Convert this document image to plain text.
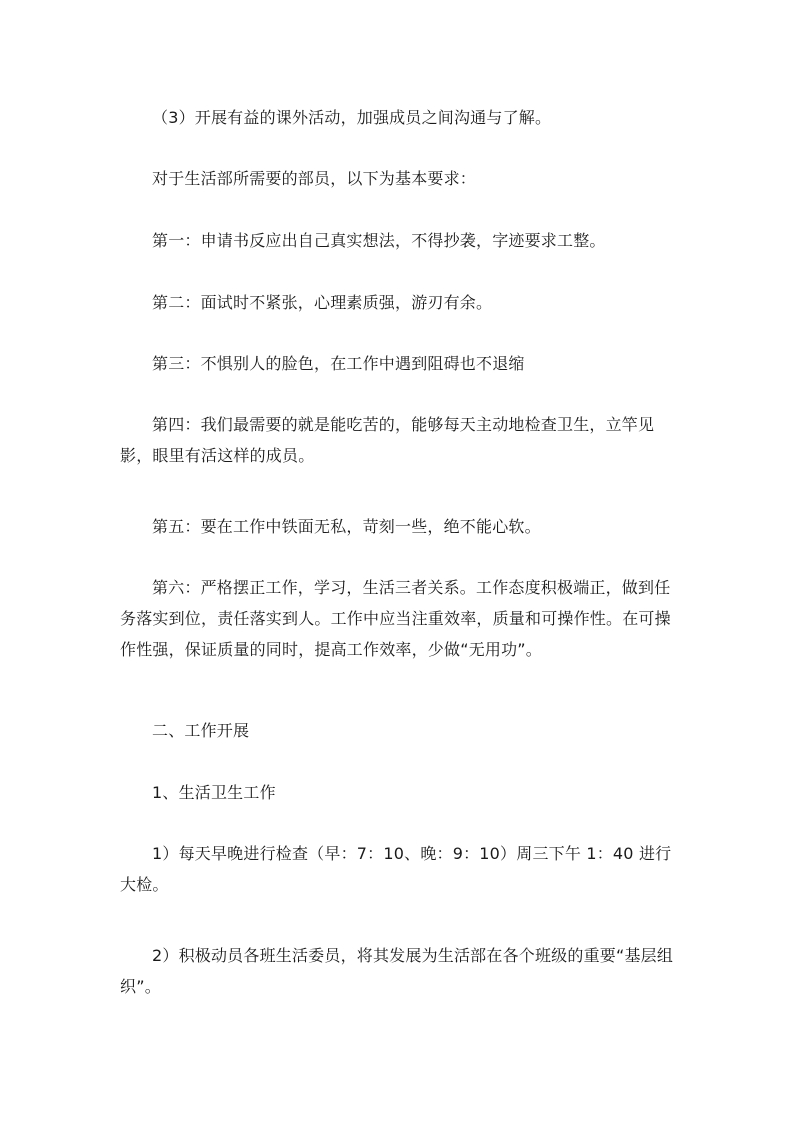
（3）开展有益的课外活动，加强成员之间沟通与了解。

对于生活部所需要的部员，以下为基本要求：

第一：申请书反应出自己真实想法，不得抄袭，字迹要求工整。

第二：面试时不紧张，心理素质强，游刃有余。

第三：不惧别人的脸色，在工作中遇到阻碍也不退缩

第四：我们最需要的就是能吃苦的，能够每天主动地检查卫生，立竿见影，眼里有活这样的成员。

第五：要在工作中铁面无私，苛刻一些，绝不能心软。

第六：严格摆正工作，学习，生活三者关系。工作态度积极端正，做到任务落实到位，责任落实到人。工作中应当注重效率，质量和可操作性。在可操作性强，保证质量的同时，提高工作效率，少做“无用功”。

二、工作开展

1、生活卫生工作

1）每天早晚进行检查（早：7：10、晚：9：10）周三下午 1：40 进行大检。

2）积极动员各班生活委员，将其发展为生活部在各个班级的重要“基层组织”。
